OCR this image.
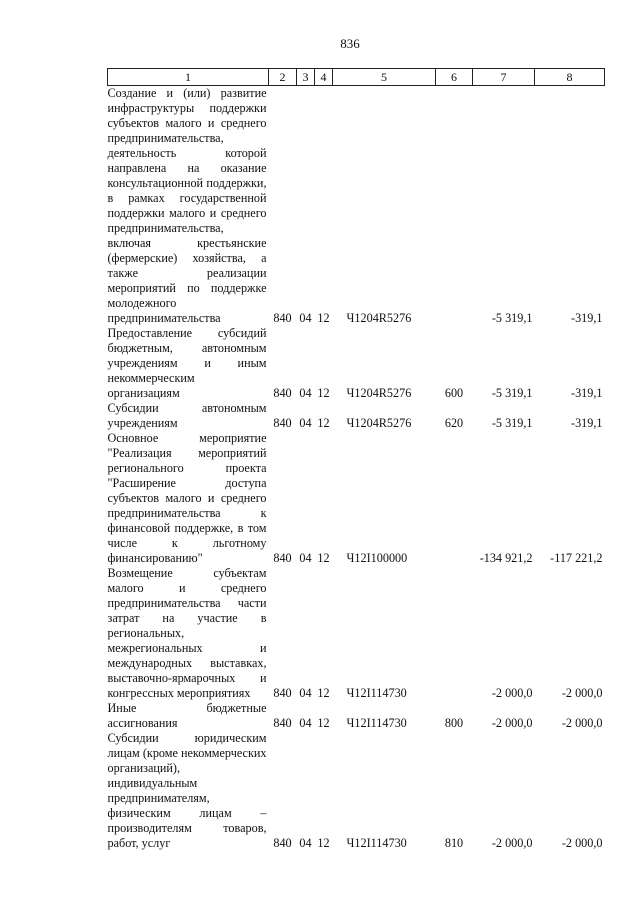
836
1	2	3	4	5	6	7	8
Создание и (или) развитие инфраструктуры поддержки субъектов малого и среднего предпринимательства, деятельность которой направлена на оказание консультационной поддержки, в рамках государственной поддержки малого и среднего предпринимательства, включая крестьянские (фермерские) хозяйства, а также реализации мероприятий по поддержке молодежного предпринимательства	840	04	12	Ч1204R5276		-5 319,1	-319,1
Предоставление субсидий бюджетным, автономным учреждениям и иным некоммерческим организациям	840	04	12	Ч1204R5276	600	-5 319,1	-319,1
Субсидии автономным учреждениям	840	04	12	Ч1204R5276	620	-5 319,1	-319,1
Основное мероприятие "Реализация мероприятий регионального проекта "Расширение доступа субъектов малого и среднего предпринимательства к финансовой поддержке, в том числе к льготному финансированию"	840	04	12	Ч12I100000		-134 921,2	-117 221,2
Возмещение субъектам малого и среднего предпринимательства части затрат на участие в региональных, межрегиональных и международных выставках, выставочно-ярмарочных и конгрессных мероприятиях	840	04	12	Ч12I114730		-2 000,0	-2 000,0
Иные бюджетные ассигнования	840	04	12	Ч12I114730	800	-2 000,0	-2 000,0
Субсидии юридическим лицам (кроме некоммерческих организаций), индивидуальным предпринимателям, физическим лицам – производителям товаров, работ, услуг	840	04	12	Ч12I114730	810	-2 000,0	-2 000,0
